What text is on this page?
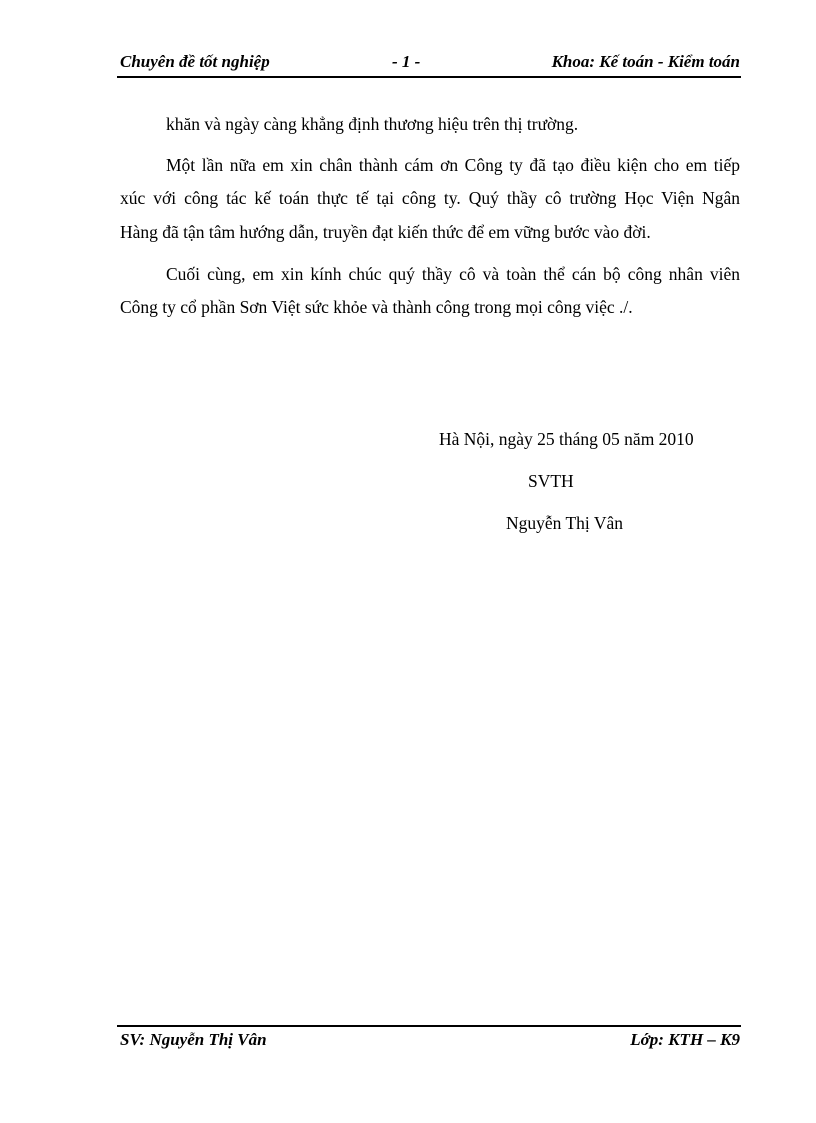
Chuyên đề tốt nghiệp	- 1 -	Khoa: Kế toán - Kiểm toán
khăn và ngày càng khẳng định thương hiệu trên thị trường.
Một lần nữa em xin chân thành cám ơn Công ty đã tạo điều kiện cho em tiếp
xúc với công tác kế toán thực tế tại công ty. Quý thầy cô trường Học Viện Ngân
Hàng đã tận tâm hướng dẫn, truyền đạt kiến thức để em vững bước vào đời.
Cuối cùng, em xin kính chúc quý thầy cô và toàn thể cán bộ công nhân viên
Công ty cổ phần Sơn Việt sức khỏe và thành công trong mọi công việc ./.
Hà Nội, ngày 25 tháng 05 năm 2010
SVTH
Nguyễn Thị Vân
SV: Nguyễn Thị Vân	Lớp: KTH – K9
